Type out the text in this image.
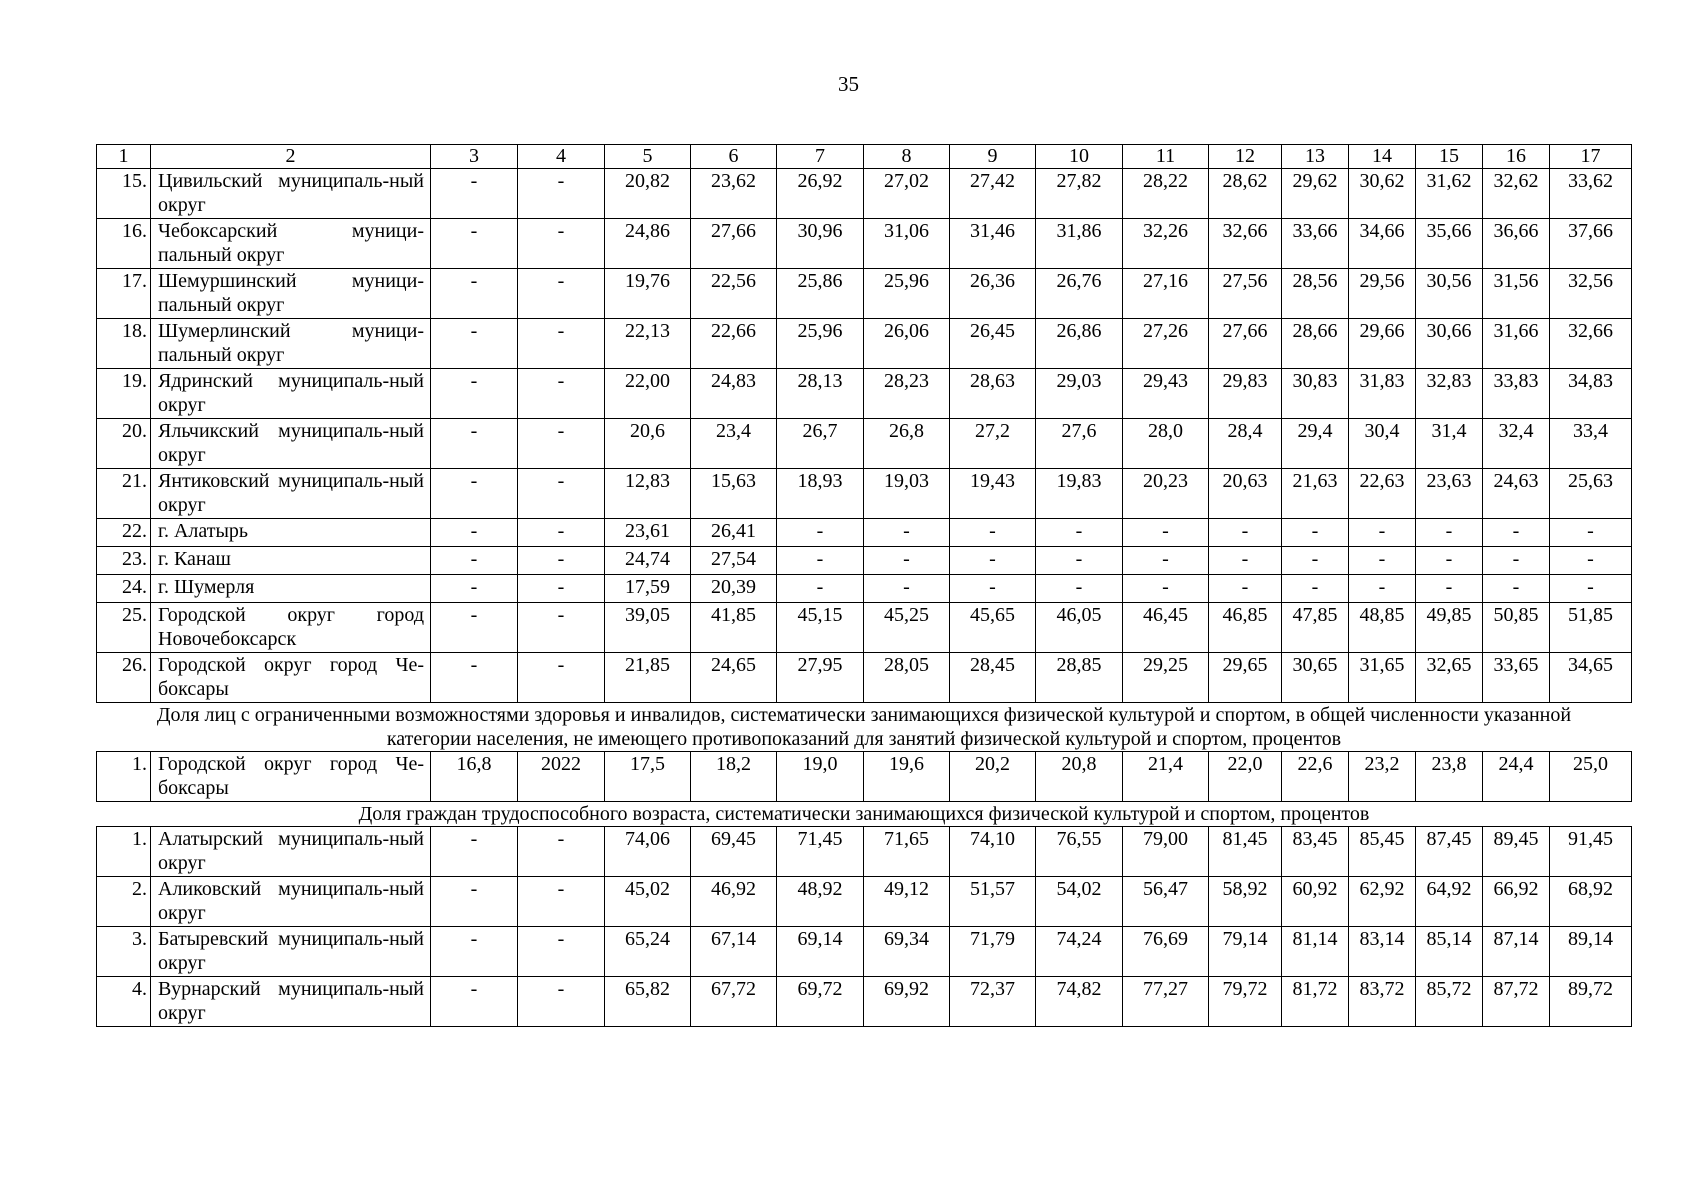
35
1	2	3	4	5	6	7	8	9	10	11	12	13	14	15	16	17
15.	Цивильский муниципаль-ный округ	-	-	20,82	23,62	26,92	27,02	27,42	27,82	28,22	28,62	29,62	30,62	31,62	32,62	33,62
16.	Чебоксарский муници-пальный округ	-	-	24,86	27,66	30,96	31,06	31,46	31,86	32,26	32,66	33,66	34,66	35,66	36,66	37,66
17.	Шемуршинский муници-пальный округ	-	-	19,76	22,56	25,86	25,96	26,36	26,76	27,16	27,56	28,56	29,56	30,56	31,56	32,56
18.	Шумерлинский муници-пальный округ	-	-	22,13	22,66	25,96	26,06	26,45	26,86	27,26	27,66	28,66	29,66	30,66	31,66	32,66
19.	Ядринский муниципаль-ный округ	-	-	22,00	24,83	28,13	28,23	28,63	29,03	29,43	29,83	30,83	31,83	32,83	33,83	34,83
20.	Яльчикский муниципаль-ный округ	-	-	20,6	23,4	26,7	26,8	27,2	27,6	28,0	28,4	29,4	30,4	31,4	32,4	33,4
21.	Янтиковский муниципаль-ный округ	-	-	12,83	15,63	18,93	19,03	19,43	19,83	20,23	20,63	21,63	22,63	23,63	24,63	25,63
22.	г. Алатырь	-	-	23,61	26,41	-	-	-	-	-	-	-	-	-	-	-
23.	г. Канаш	-	-	24,74	27,54	-	-	-	-	-	-	-	-	-	-	-
24.	г. Шумерля	-	-	17,59	20,39	-	-	-	-	-	-	-	-	-	-	-
25.	Городской округ город Новочебоксарск	-	-	39,05	41,85	45,15	45,25	45,65	46,05	46,45	46,85	47,85	48,85	49,85	50,85	51,85
26.	Городской округ город Че-боксары	-	-	21,85	24,65	27,95	28,05	28,45	28,85	29,25	29,65	30,65	31,65	32,65	33,65	34,65
Доля лиц с ограниченными возможностями здоровья и инвалидов, систематически занимающихся физической культурой и спортом, в общей численности указанной категории населения, не имеющего противопоказаний для занятий физической культурой и спортом, процентов																
1.	Городской округ город Че-боксары	16,8	2022	17,5	18,2	19,0	19,6	20,2	20,8	21,4	22,0	22,6	23,2	23,8	24,4	25,0
Доля граждан трудоспособного возраста, систематически занимающихся физической культурой и спортом, процентов																
1.	Алатырский муниципаль-ный округ	-	-	74,06	69,45	71,45	71,65	74,10	76,55	79,00	81,45	83,45	85,45	87,45	89,45	91,45
2.	Аликовский муниципаль-ный округ	-	-	45,02	46,92	48,92	49,12	51,57	54,02	56,47	58,92	60,92	62,92	64,92	66,92	68,92
3.	Батыревский муниципаль-ный округ	-	-	65,24	67,14	69,14	69,34	71,79	74,24	76,69	79,14	81,14	83,14	85,14	87,14	89,14
4.	Вурнарский муниципаль-ный округ	-	-	65,82	67,72	69,72	69,92	72,37	74,82	77,27	79,72	81,72	83,72	85,72	87,72	89,72
